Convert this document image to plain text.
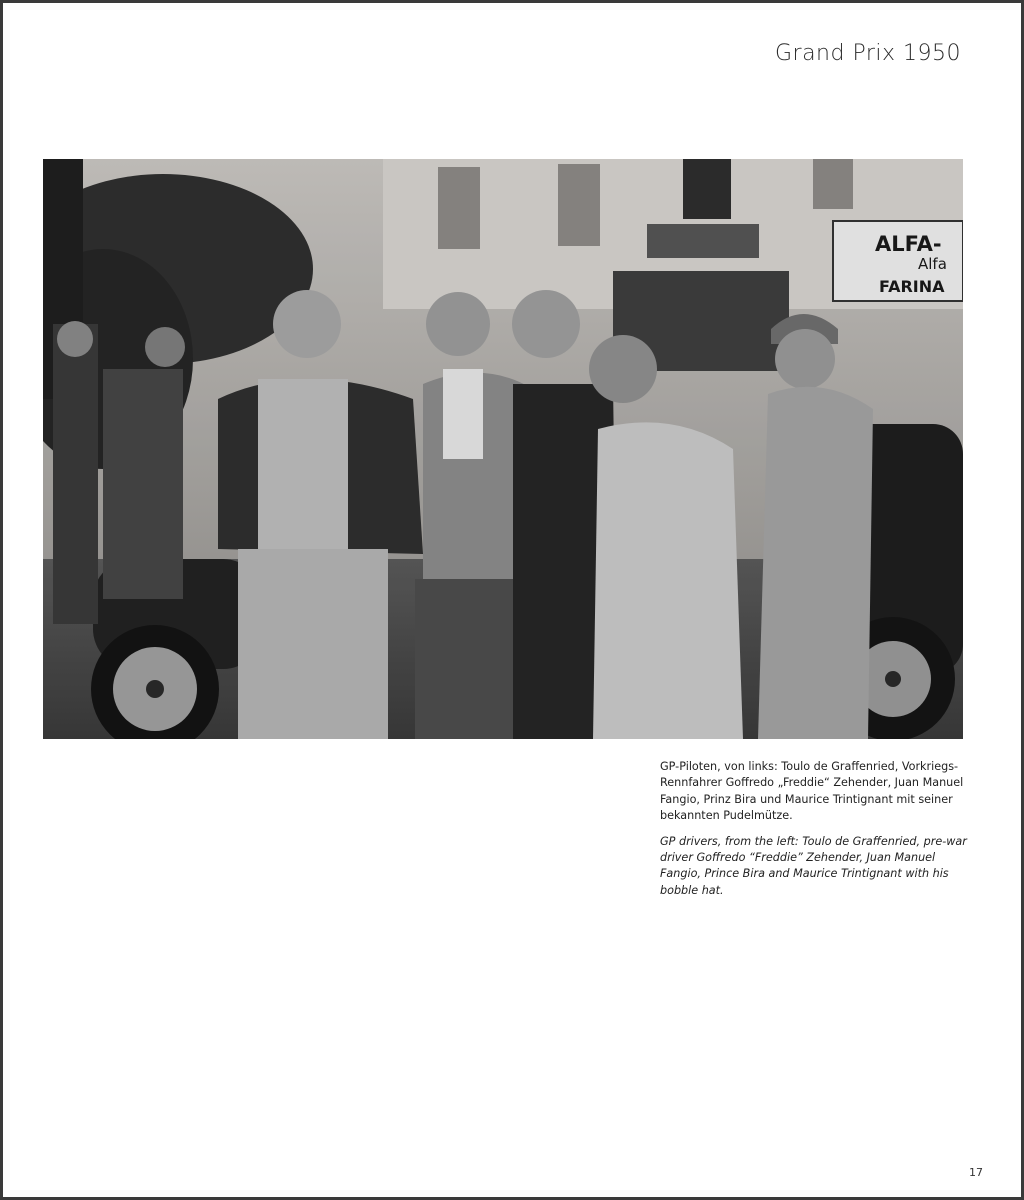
Grand Prix 1950
ALFA-
Alfa
FARINA

GP-Piloten, von links: Toulo de Graffenried, Vorkriegs-Rennfahrer Goffredo „Freddie“ Zehender, Juan Manuel Fangio, Prinz Bira und Maurice Trintignant mit seiner bekannten Pudelmütze.

GP drivers, from the left: Toulo de Graffenried, pre-war driver Goffredo “Freddie” Zehender, Juan Manuel Fangio, Prince Bira and Maurice Trintignant with his bobble hat.

17
